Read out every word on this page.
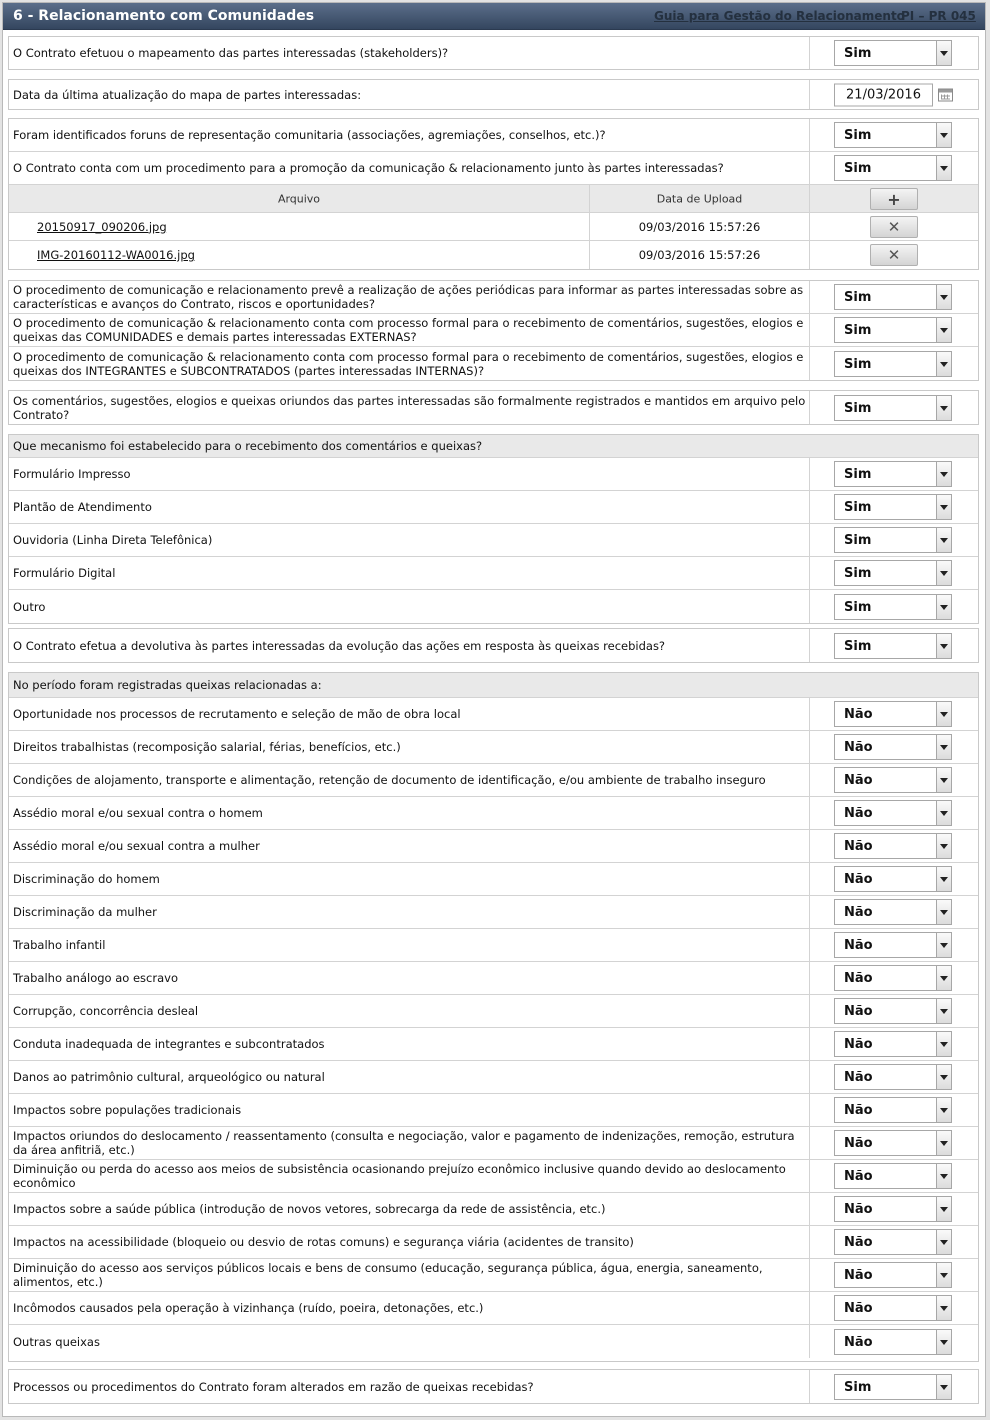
6 - Relacionamento com Comunidades	Guia para Gestão do Relacionamento
PI – PR 045
O Contrato efetuou o mapeamento das partes interessadas (stakeholders)?	Sim
Data da última atualização do mapa de partes interessadas:	21/03/2016
Foram identificados foruns de representação comunitaria (associações, agremiações, conselhos, etc.)?	Sim
O Contrato conta com um procedimento para a promoção da comunicação & relacionamento junto às partes interessadas?	Sim
Arquivo	Data de Upload	+
20150917_090206.jpg	09/03/2016 15:57:26	✕
IMG-20160112-WA0016.jpg	09/03/2016 15:57:26	✕
O procedimento de comunicação e relacionamento prevê a realização de ações periódicas para informar as partes interessadas sobre as características e avanços do Contrato, riscos e oportunidades?	Sim
O procedimento de comunicação & relacionamento conta com processo formal para o recebimento de comentários, sugestões, elogios e queixas das COMUNIDADES e demais partes interessadas EXTERNAS?	Sim
O procedimento de comunicação & relacionamento conta com processo formal para o recebimento de comentários, sugestões, elogios e queixas dos INTEGRANTES e SUBCONTRATADOS (partes interessadas INTERNAS)?	Sim
Os comentários, sugestões, elogios e queixas oriundos das partes interessadas são formalmente registrados e mantidos em arquivo pelo Contrato?	Sim
Que mecanismo foi estabelecido para o recebimento dos comentários e queixas?
Formulário Impresso	Sim
Plantão de Atendimento	Sim
Ouvidoria (Linha Direta Telefônica)	Sim
Formulário Digital	Sim
Outro	Sim
O Contrato efetua a devolutiva às partes interessadas da evolução das ações em resposta às queixas recebidas?	Sim
No período foram registradas queixas relacionadas a:
Oportunidade nos processos de recrutamento e seleção de mão de obra local	Não
Direitos trabalhistas (recomposição salarial, férias, benefícios, etc.)	Não
Condições de alojamento, transporte e alimentação, retenção de documento de identificação, e/ou ambiente de trabalho inseguro	Não
Assédio moral e/ou sexual contra o homem	Não
Assédio moral e/ou sexual contra a mulher	Não
Discriminação do homem	Não
Discriminação da mulher	Não
Trabalho infantil	Não
Trabalho análogo ao escravo	Não
Corrupção, concorrência desleal	Não
Conduta inadequada de integrantes e subcontratados	Não
Danos ao patrimônio cultural, arqueológico ou natural	Não
Impactos sobre populações tradicionais	Não
Impactos oriundos do deslocamento / reassentamento (consulta e negociação, valor e pagamento de indenizações, remoção, estrutura da área anfitriã, etc.)	Não
Diminuição ou perda do acesso aos meios de subsistência ocasionando prejuízo econômico inclusive quando devido ao deslocamento econômico	Não
Impactos sobre a saúde pública (introdução de novos vetores, sobrecarga da rede de assistência, etc.)	Não
Impactos na acessibilidade (bloqueio ou desvio de rotas comuns) e segurança viária (acidentes de transito)	Não
Diminuição do acesso aos serviços públicos locais e bens de consumo (educação, segurança pública, água, energia, saneamento, alimentos, etc.)	Não
Incômodos causados pela operação à vizinhança (ruído, poeira, detonações, etc.)	Não
Outras queixas	Não
Processos ou procedimentos do Contrato foram alterados em razão de queixas recebidas?	Sim
